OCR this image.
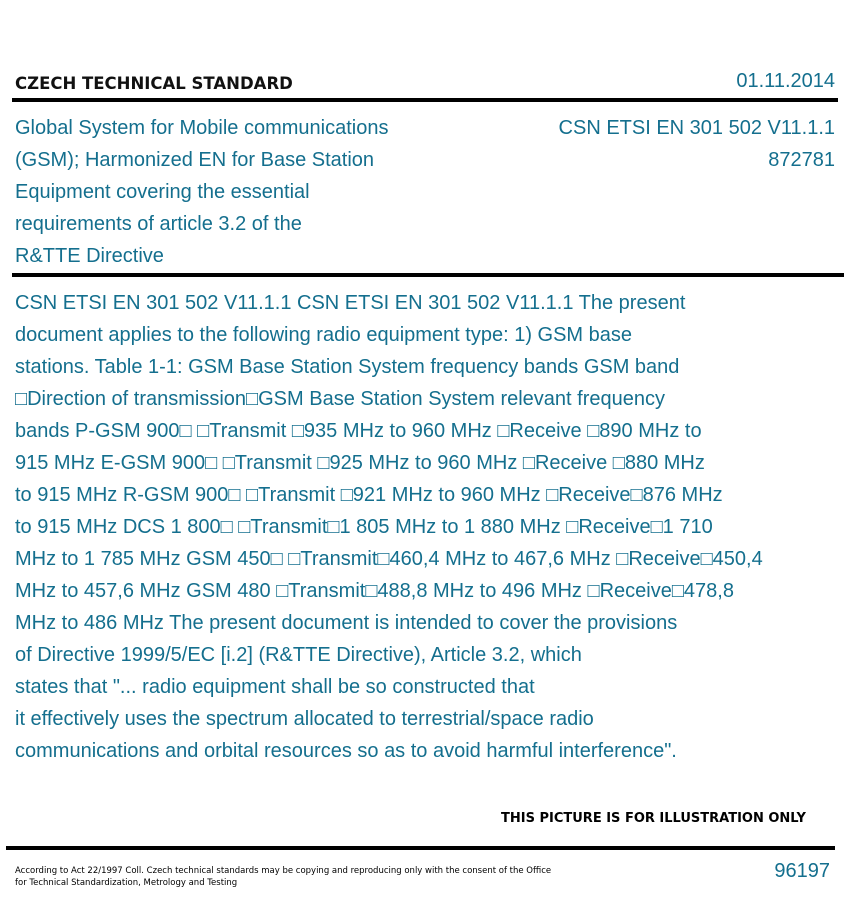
CZECH TECHNICAL STANDARD	01.11.2014
Global System for Mobile communications
(GSM); Harmonized EN for Base Station
Equipment covering the essential
requirements of article 3.2 of the
R&TTE Directive
CSN ETSI EN 301 502 V11.1.1
872781
CSN ETSI EN 301 502 V11.1.1 CSN ETSI EN 301 502 V11.1.1 The present
document applies to the following radio equipment type: 1) GSM base
stations. Table 1-1: GSM Base Station System frequency bands GSM band
□Direction of transmission□GSM Base Station System relevant frequency
bands P-GSM 900□ □Transmit □935 MHz to 960 MHz □Receive □890 MHz to
915 MHz E-GSM 900□ □Transmit □925 MHz to 960 MHz □Receive □880 MHz
to 915 MHz R-GSM 900□ □Transmit □921 MHz to 960 MHz □Receive□876 MHz
to 915 MHz DCS 1 800□ □Transmit□1 805 MHz to 1 880 MHz □Receive□1 710
MHz to 1 785 MHz GSM 450□ □Transmit□460,4 MHz to 467,6 MHz □Receive□450,4
MHz to 457,6 MHz GSM 480 □Transmit□488,8 MHz to 496 MHz □Receive□478,8
MHz to 486 MHz The present document is intended to cover the provisions
of Directive 1999/5/EC [i.2] (R&TTE Directive), Article 3.2, which
states that "... radio equipment shall be so constructed that
it effectively uses the spectrum allocated to terrestrial/space radio
communications and orbital resources so as to avoid harmful interference".
THIS PICTURE IS FOR ILLUSTRATION ONLY
According to Act 22/1997 Coll. Czech technical standards may be copying and reproducing only with the consent of the Office
for Technical Standardization, Metrology and Testing
96197
